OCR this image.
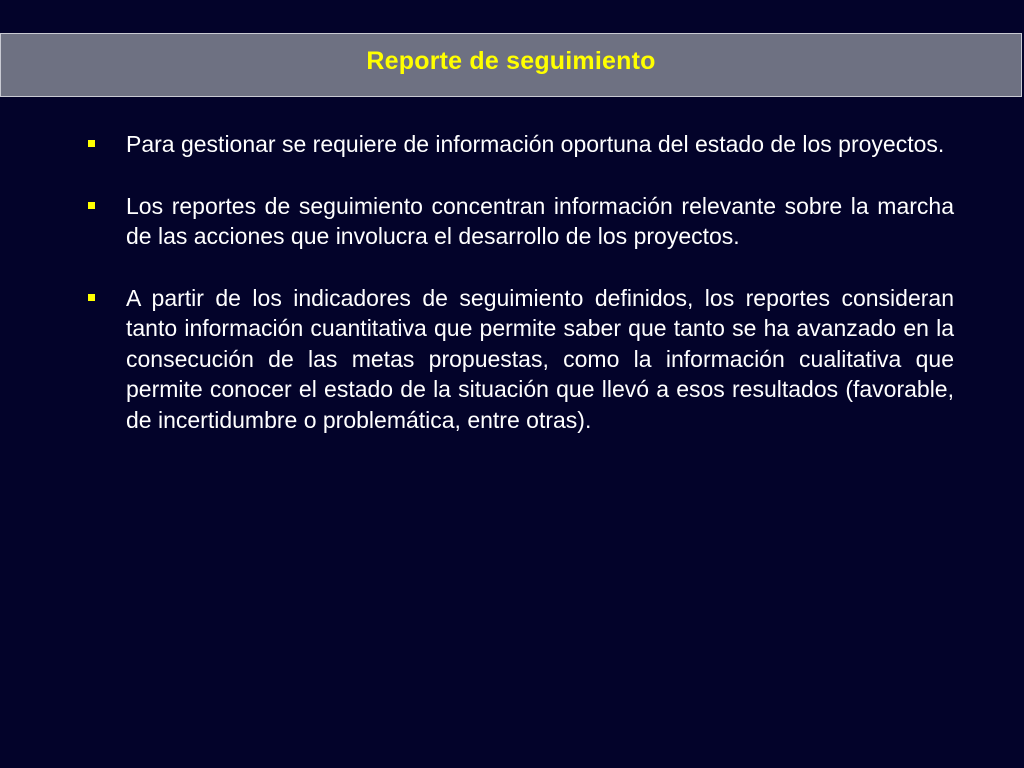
Reporte de seguimiento
Para gestionar se requiere de información oportuna del estado de los proyectos.
Los reportes de seguimiento concentran información relevante sobre la marcha de las acciones que involucra el desarrollo de los proyectos.
A partir de los indicadores de seguimiento definidos, los reportes consideran tanto información cuantitativa que permite saber que tanto se ha avanzado en la consecución de las metas propuestas, como la información cualitativa que permite conocer el estado de la situación que llevó a esos resultados (favorable, de incertidumbre o problemática, entre otras).
